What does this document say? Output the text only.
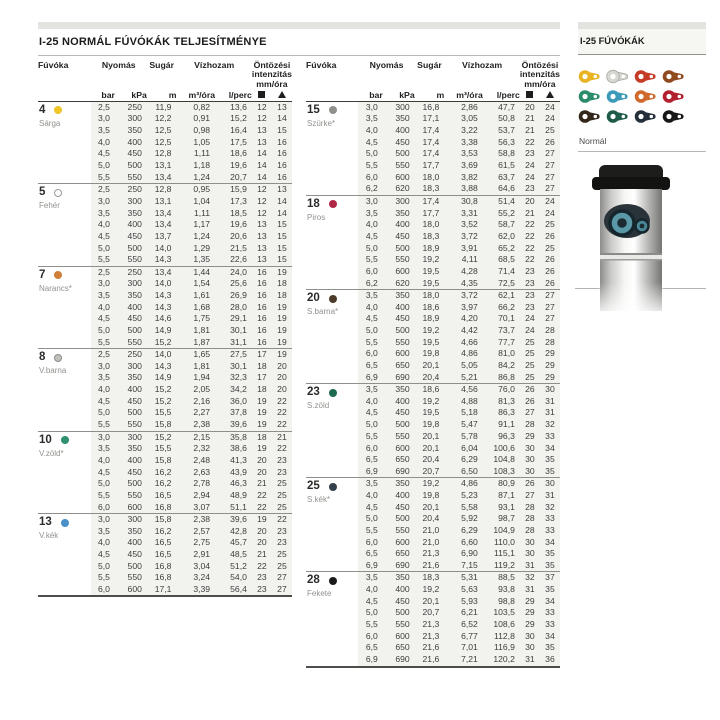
I-25 NORMÁL FÚVÓKÁK TELJESÍTMÉNYE
Fúvóka	Nyomás		Sugár	Vízhozam		Öntözési
intenzitás
mm/óra	

	bar	kPa	m	m³/óra	l/perc		

4
Sárga	2,5	250	11,9	0,82	13,6	12	13
	3,0	300	12,2	0,91	15,2	12	14
	3,5	350	12,5	0,98	16,4	13	15
	4,0	400	12,5	1,05	17,5	13	16
	4,5	450	12,8	1,11	18,6	14	16
	5,0	500	13,1	1,18	19,6	14	16
	5,5	550	13,4	1,24	20,7	14	16

5
Fehér	2,5	250	12,8	0,95	15,9	12	13
	3,0	300	13,1	1,04	17,3	12	14
	3,5	350	13,4	1,11	18,5	12	14
	4,0	400	13,4	1,17	19,6	13	15
	4,5	450	13,7	1,24	20,6	13	15
	5,0	500	14,0	1,29	21,5	13	15
	5,5	550	14,3	1,35	22,6	13	15

7
Narancs*	2,5	250	13,4	1,44	24,0	16	19
	3,0	300	14,0	1,54	25,6	16	18
	3,5	350	14,3	1,61	26,9	16	18
	4,0	400	14,3	1,68	28,0	16	19
	4,5	450	14,6	1,75	29,1	16	19
	5,0	500	14,9	1,81	30,1	16	19
	5,5	550	15,2	1,87	31,1	16	19

8
V.barna	2,5	250	14,0	1,65	27,5	17	19
	3,0	300	14,3	1,81	30,1	18	20
	3,5	350	14,9	1,94	32,3	17	20
	4,0	400	15,2	2,05	34,2	18	20
	4,5	450	15,2	2,16	36,0	19	22
	5,0	500	15,5	2,27	37,8	19	22
	5,5	550	15,8	2,38	39,6	19	22

10
V.zöld*	3,0	300	15,2	2,15	35,8	18	21
	3,5	350	15,5	2,32	38,6	19	22
	4,0	400	15,8	2,48	41,3	20	23
	4,5	450	16,2	2,63	43,9	20	23
	5,0	500	16,2	2,78	46,3	21	25
	5,5	550	16,5	2,94	48,9	22	25
	6,0	600	16,8	3,07	51,1	22	25

13
V.kék	3,0	300	15,8	2,38	39,6	19	22
	3,5	350	16,2	2,57	42,8	20	23
	4,0	400	16,5	2,75	45,7	20	23
	4,5	450	16,5	2,91	48,5	21	25
	5,0	500	16,8	3,04	51,2	22	25
	5,5	550	16,8	3,24	54,0	23	27
	6,0	600	17,1	3,39	56,4	23	27
Fúvóka	Nyomás		Sugár	Vízhozam		Öntözési
intenzitás
mm/óra	

	bar	kPa	m	m³/óra	l/perc		

15
Szürke*	3,0	300	16,8	2,86	47,7	20	24
	3,5	350	17,1	3,05	50,8	21	24
	4,0	400	17,4	3,22	53,7	21	25
	4,5	450	17,4	3,38	56,3	22	26
	5,0	500	17,4	3,53	58,8	23	27
	5,5	550	17,7	3,69	61,5	24	27
	6,0	600	18,0	3,82	63,7	24	27
	6,2	620	18,3	3,88	64,6	23	27

18
Piros	3,0	300	17,4	30,8	51,4	20	24
	3,5	350	17,7	3,31	55,2	21	24
	4,0	400	18,0	3,52	58,7	22	25
	4,5	450	18,3	3,72	62,0	22	26
	5,0	500	18,9	3,91	65,2	22	25
	5,5	550	19,2	4,11	68,5	22	26
	6,0	600	19,5	4,28	71,4	23	26
	6,2	620	19,5	4,35	72,5	23	26

20
S.barna*	3,5	350	18,0	3,72	62,1	23	27
	4,0	400	18,6	3,97	66,2	23	27
	4,5	450	18,9	4,20	70,1	24	27
	5,0	500	19,2	4,42	73,7	24	28
	5,5	550	19,5	4,66	77,7	25	28
	6,0	600	19,8	4,86	81,0	25	29
	6,5	650	20,1	5,05	84,2	25	29
	6,9	690	20,4	5,21	86,8	25	29

23
S.zöld	3,5	350	18,6	4,56	76,0	26	30
	4,0	400	19,2	4,88	81,3	26	31
	4,5	450	19,5	5,18	86,3	27	31
	5,0	500	19,8	5,47	91,1	28	32
	5,5	550	20,1	5,78	96,3	29	33
	6,0	600	20,1	6,04	100,6	30	34
	6,5	650	20,4	6,29	104,8	30	35
	6,9	690	20,7	6,50	108,3	30	35

25
S.kék*	3,5	350	19,2	4,86	80,9	26	30
	4,0	400	19,8	5,23	87,1	27	31
	4,5	450	20,1	5,58	93,1	28	32
	5,0	500	20,4	5,92	98,7	28	33
	5,5	550	21,0	6,29	104,9	28	33
	6,0	600	21,0	6,60	110,0	30	34
	6,5	650	21,3	6,90	115,1	30	35
	6,9	690	21,6	7,15	119,2	31	35

28
Fekete	3,5	350	18,3	5,31	88,5	32	37
	4,0	400	19,2	5,63	93,8	31	35
	4,5	450	20,1	5,93	98,8	29	34
	5,0	500	20,7	6,21	103,5	29	33
	5,5	550	21,3	6,52	108,6	29	33
	6,0	600	21,3	6,77	112,8	30	34
	6,5	650	21,6	7,01	116,9	30	35
	6,9	690	21,6	7,21	120,2	31	36
I-25 FÚVÓKÁK
Normál
